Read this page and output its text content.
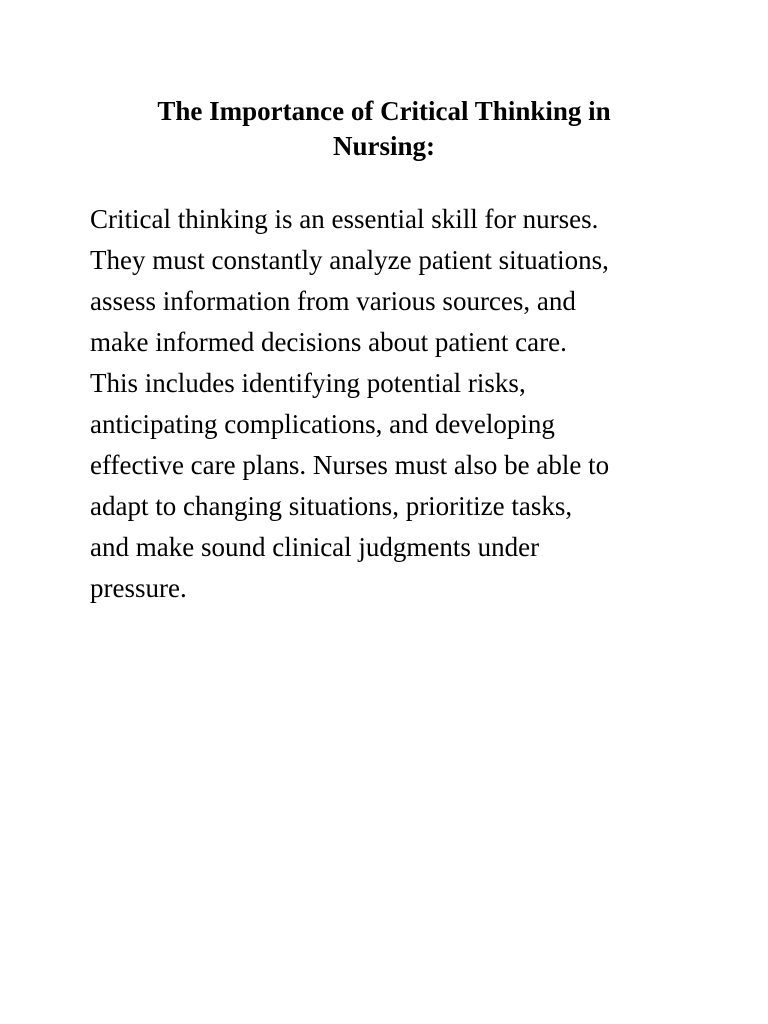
The Importance of Critical Thinking in
Nursing:

Critical thinking is an essential skill for nurses.
They must constantly analyze patient situations,
assess information from various sources, and
make informed decisions about patient care.
This includes identifying potential risks,
anticipating complications, and developing
effective care plans. Nurses must also be able to
adapt to changing situations, prioritize tasks,
and make sound clinical judgments under
pressure.
